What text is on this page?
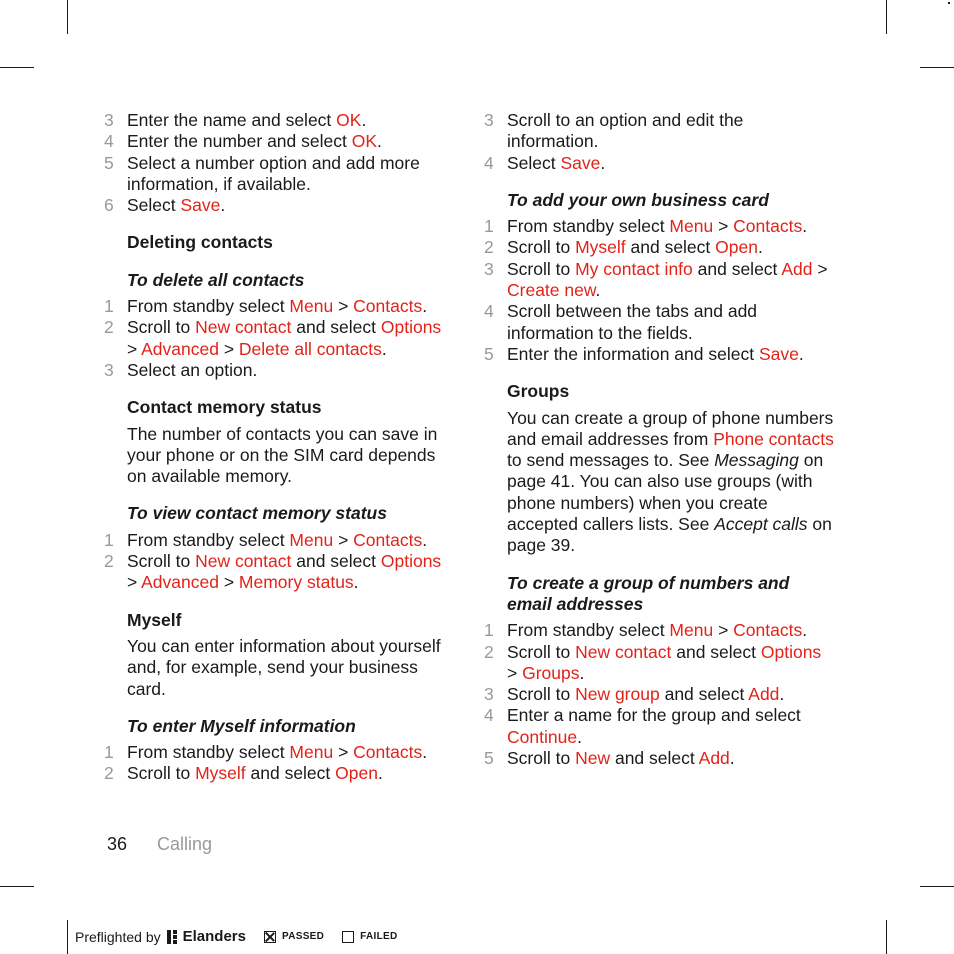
3 Enter the name and select OK.
4 Enter the number and select OK.
5 Select a number option and add more information, if available.
6 Select Save.
Deleting contacts
To delete all contacts
1 From standby select Menu > Contacts.
2 Scroll to New contact and select Options > Advanced > Delete all contacts.
3 Select an option.
Contact memory status
The number of contacts you can save in your phone or on the SIM card depends on available memory.
To view contact memory status
1 From standby select Menu > Contacts.
2 Scroll to New contact and select Options > Advanced > Memory status.
Myself
You can enter information about yourself and, for example, send your business card.
To enter Myself information
1 From standby select Menu > Contacts.
2 Scroll to Myself and select Open.
3 Scroll to an option and edit the information.
4 Select Save.
To add your own business card
1 From standby select Menu > Contacts.
2 Scroll to Myself and select Open.
3 Scroll to My contact info and select Add > Create new.
4 Scroll between the tabs and add information to the fields.
5 Enter the information and select Save.
Groups
You can create a group of phone numbers and email addresses from Phone contacts to send messages to. See Messaging on page 41. You can also use groups (with phone numbers) when you create accepted callers lists. See Accept calls on page 39.
To create a group of numbers and email addresses
1 From standby select Menu > Contacts.
2 Scroll to New contact and select Options > Groups.
3 Scroll to New group and select Add.
4 Enter a name for the group and select Continue.
5 Scroll to New and select Add.
36 Calling
Preflighted by Elanders	PASSED	FAILED
